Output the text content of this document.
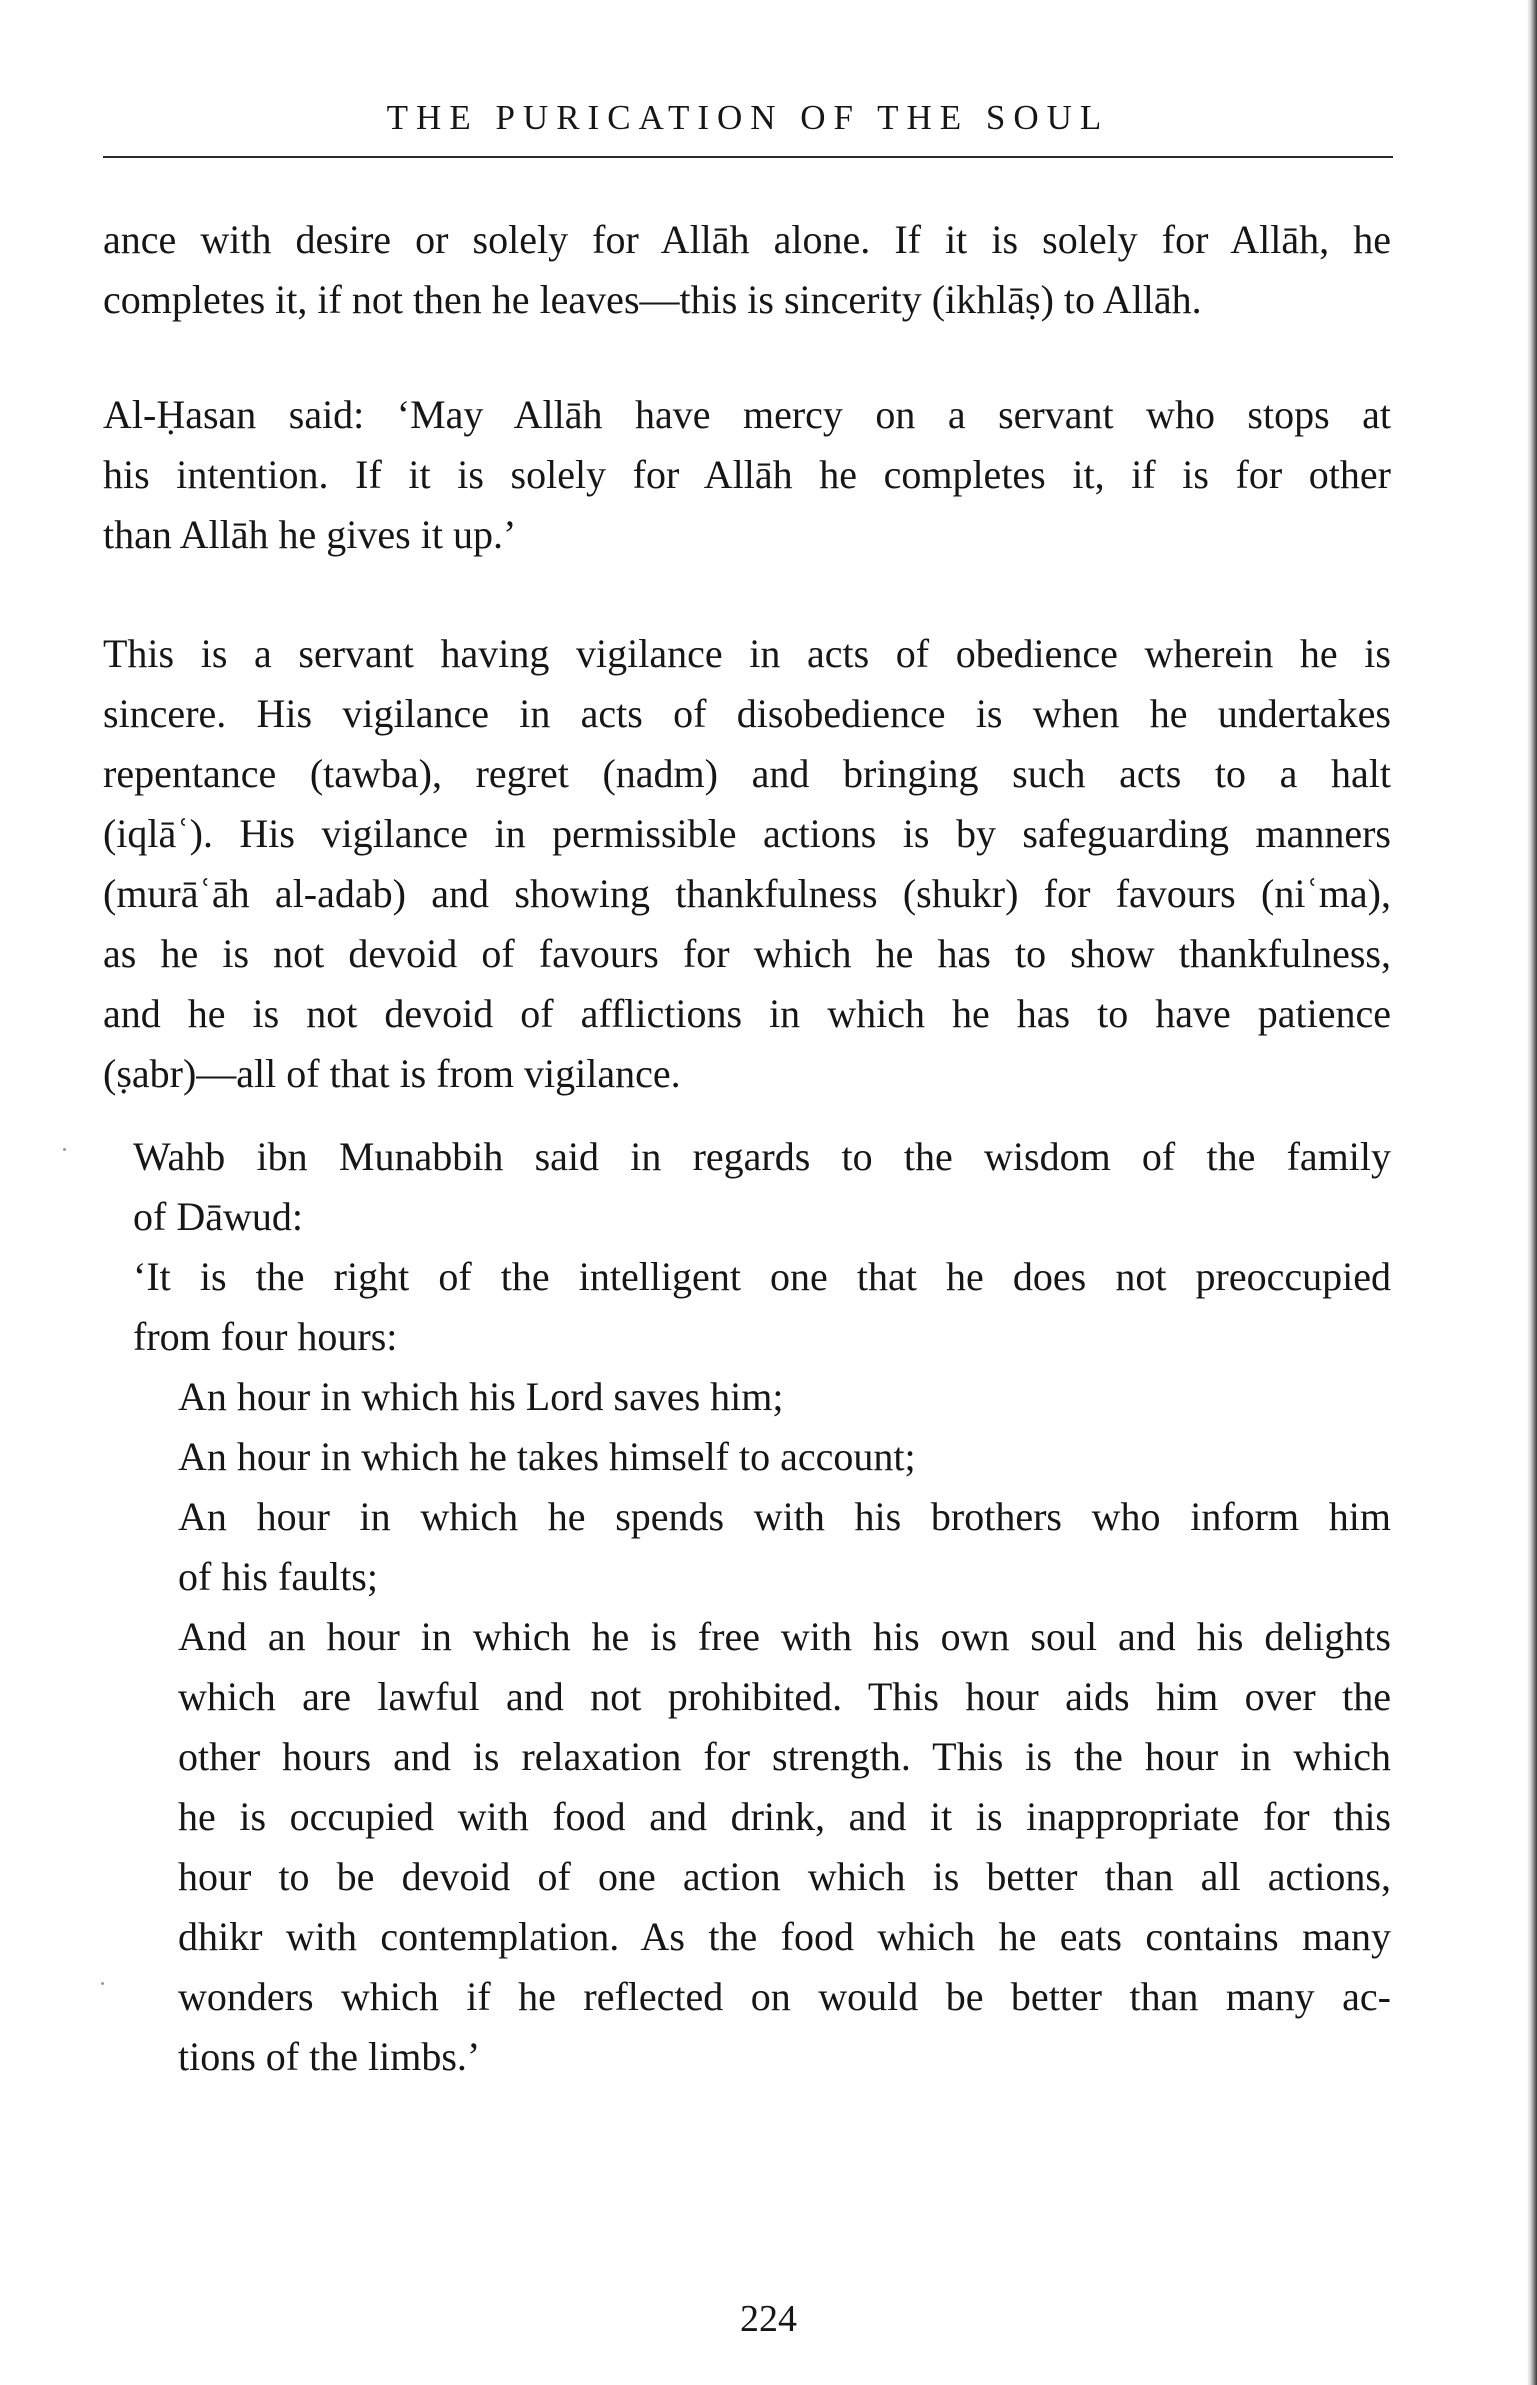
THE PURICATION OF THE SOUL
ance with desire or solely for Allāh alone. If it is solely for Allāh, he
completes it, if not then he leaves—this is sincerity (ikhlāṣ) to Allāh.
Al-Ḥasan said: ‘May Allāh have mercy on a servant who stops at
his intention. If it is solely for Allāh he completes it, if is for other
than Allāh he gives it up.’
This is a servant having vigilance in acts of obedience wherein he is
sincere. His vigilance in acts of disobedience is when he undertakes
repentance (tawba), regret (nadm) and bringing such acts to a halt
(iqlāʿ). His vigilance in permissible actions is by safeguarding manners
(murāʿāh al-adab) and showing thankfulness (shukr) for favours (niʿma),
as he is not devoid of favours for which he has to show thankfulness,
and he is not devoid of afflictions in which he has to have patience
(ṣabr)—all of that is from vigilance.
Wahb ibn Munabbih said in regards to the wisdom of the family
of Dāwud:
‘It is the right of the intelligent one that he does not preoccupied
from four hours:
An hour in which his Lord saves him;
An hour in which he takes himself to account;
An hour in which he spends with his brothers who inform him
of his faults;
And an hour in which he is free with his own soul and his delights
which are lawful and not prohibited. This hour aids him over the
other hours and is relaxation for strength. This is the hour in which
he is occupied with food and drink, and it is inappropriate for this
hour to be devoid of one action which is better than all actions,
dhikr with contemplation. As the food which he eats contains many
wonders which if he reflected on would be better than many ac-
tions of the limbs.’
224
